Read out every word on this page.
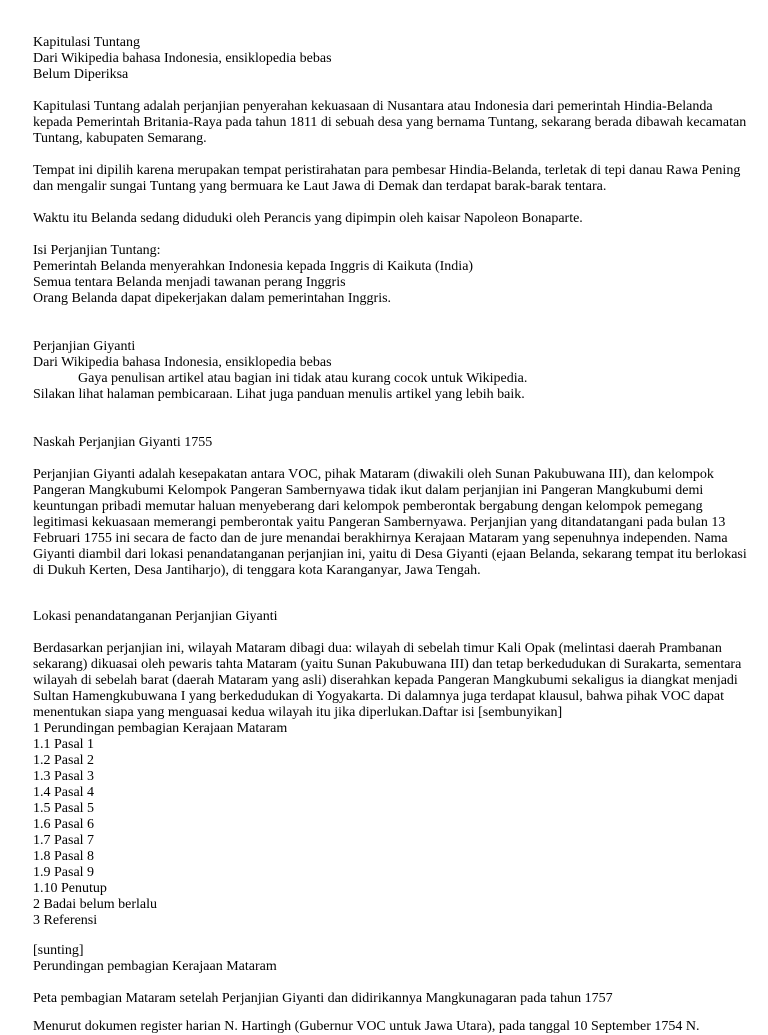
Kapitulasi Tuntang
Dari Wikipedia bahasa Indonesia, ensiklopedia bebas
Belum Diperiksa
Kapitulasi Tuntang adalah perjanjian penyerahan kekuasaan di Nusantara atau Indonesia dari pemerintah Hindia-Belanda
kepada Pemerintah Britania-Raya pada tahun 1811 di sebuah desa yang bernama Tuntang, sekarang berada dibawah kecamatan
Tuntang, kabupaten Semarang.
Tempat ini dipilih karena merupakan tempat peristirahatan para pembesar Hindia-Belanda, terletak di tepi danau Rawa Pening
dan mengalir sungai Tuntang yang bermuara ke Laut Jawa di Demak dan terdapat barak-barak tentara.
Waktu itu Belanda sedang diduduki oleh Perancis yang dipimpin oleh kaisar Napoleon Bonaparte.
Isi Perjanjian Tuntang:
Pemerintah Belanda menyerahkan Indonesia kepada Inggris di Kaikuta (India)
Semua tentara Belanda menjadi tawanan perang Inggris
Orang Belanda dapat dipekerjakan dalam pemerintahan Inggris.
Perjanjian Giyanti
Dari Wikipedia bahasa Indonesia, ensiklopedia bebas
Gaya penulisan artikel atau bagian ini tidak atau kurang cocok untuk Wikipedia.
Silakan lihat halaman pembicaraan. Lihat juga panduan menulis artikel yang lebih baik.
Naskah Perjanjian Giyanti 1755
Perjanjian Giyanti adalah kesepakatan antara VOC, pihak Mataram (diwakili oleh Sunan Pakubuwana III), dan kelompok
Pangeran Mangkubumi Kelompok Pangeran Sambernyawa tidak ikut dalam perjanjian ini Pangeran Mangkubumi demi
keuntungan pribadi memutar haluan menyeberang dari kelompok pemberontak bergabung dengan kelompok pemegang
legitimasi kekuasaan memerangi pemberontak yaitu Pangeran Sambernyawa. Perjanjian yang ditandatangani pada bulan 13
Februari 1755 ini secara de facto dan de jure menandai berakhirnya Kerajaan Mataram yang sepenuhnya independen. Nama
Giyanti diambil dari lokasi penandatanganan perjanjian ini, yaitu di Desa Giyanti (ejaan Belanda, sekarang tempat itu berlokasi
di Dukuh Kerten, Desa Jantiharjo), di tenggara kota Karanganyar, Jawa Tengah.
Lokasi penandatanganan Perjanjian Giyanti
Berdasarkan perjanjian ini, wilayah Mataram dibagi dua: wilayah di sebelah timur Kali Opak (melintasi daerah Prambanan
sekarang) dikuasai oleh pewaris tahta Mataram (yaitu Sunan Pakubuwana III) dan tetap berkedudukan di Surakarta, sementara
wilayah di sebelah barat (daerah Mataram yang asli) diserahkan kepada Pangeran Mangkubumi sekaligus ia diangkat menjadi
Sultan Hamengkubuwana I yang berkedudukan di Yogyakarta. Di dalamnya juga terdapat klausul, bahwa pihak VOC dapat
menentukan siapa yang menguasai kedua wilayah itu jika diperlukan.Daftar isi [sembunyikan]
1 Perundingan pembagian Kerajaan Mataram
1.1 Pasal 1
1.2 Pasal 2
1.3 Pasal 3
1.4 Pasal 4
1.5 Pasal 5
1.6 Pasal 6
1.7 Pasal 7
1.8 Pasal 8
1.9 Pasal 9
1.10 Penutup
2 Badai belum berlalu
3 Referensi
[sunting]
Perundingan pembagian Kerajaan Mataram
Peta pembagian Mataram setelah Perjanjian Giyanti dan didirikannya Mangkunagaran pada tahun 1757
Menurut dokumen register harian N. Hartingh (Gubernur VOC untuk Jawa Utara), pada tanggal 10 September 1754 N.
